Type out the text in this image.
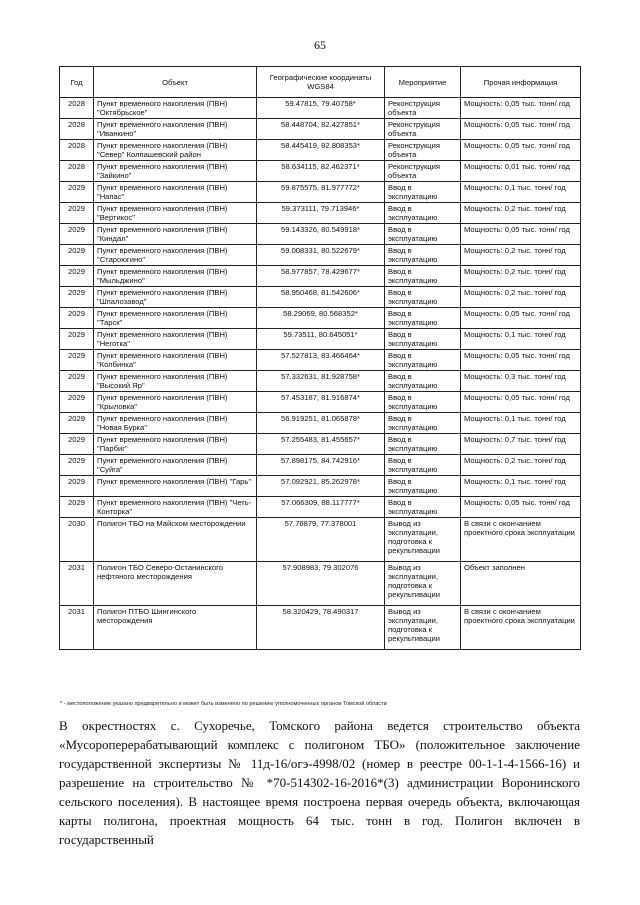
65
Год	Объект	Географические координаты WGS84	Мероприятие	Прочая информация
2028	Пункт временного накопления (ПВН) "Октябрьское"	59.47815, 79.40758*	Реконструкция объекта	Мощность: 0,05 тыс. тонн/ год
2028	Пункт временного накопления (ПВН) "Иванкино"	58.448704, 82.427851*	Реконструкция объекта	Мощность: 0,05 тыс. тонн/ год
2028	Пункт временного накопления (ПВН) "Север" Колпашевский район	58.445419, 82.808353*	Реконструкция объекта	Мощность: 0,05 тыс. тонн/ год
2028	Пункт временного накопления (ПВН) "Зайкино"	58.634115, 82.462371*	Реконструкция объекта	Мощность: 0,01 тыс. тонн/ год
2029	Пункт временного накопления (ПВН) "Напас"	59.875575, 81.977772*	Ввод в эксплуатацию	Мощность: 0,1 тыс. тонн/ год
2029	Пункт временного накопления (ПВН) "Вертикос"	59.373111, 79.713946*	Ввод в эксплуатацию	Мощность: 0,2 тыс. тонн/ год
2029	Пункт временного накопления (ПВН) "Киндал"	59.143326, 80.549918*	Ввод в эксплуатацию	Мощность: 0,05 тыс. тонн/ год
2029	Пункт временного накопления (ПВН) "Староюгино"	59.008331, 80.522679*	Ввод в эксплуатацию	Мощность: 0,2 тыс. тонн/ год
2029	Пункт временного накопления (ПВН) "Мыльджино"	58.977857, 78.429677*	Ввод в эксплуатацию	Мощность: 0,2 тыс. тонн/ год
2029	Пункт временного накопления (ПВН) "Шпалозавод"	58.950468, 81.542606*	Ввод в эксплуатацию	Мощность: 0,2 тыс. тонн/ год
2029	Пункт временного накопления (ПВН) "Тарск"	58.29069, 80.568352*	Ввод в эксплуатацию	Мощность: 0,05 тыс. тонн/ год
2029	Пункт временного накопления (ПВН) "Неготка"	59.73511, 80.645051*	Ввод в эксплуатацию	Мощность: 0,1 тыс. тонн/ год
2029	Пункт временного накопления (ПВН) "Колбинка"	57.527813, 83.466464*	Ввод в эксплуатацию	Мощность: 0,05 тыс. тонн/ год
2029	Пункт временного накопления (ПВН) "Высокий Яр"	57.332631, 81.928758*	Ввод в эксплуатацию	Мощность: 0,3 тыс. тонн/ год
2029	Пункт временного накопления (ПВН) "Крыловка"	57.453187, 81.916874*	Ввод в эксплуатацию	Мощность: 0,05 тыс. тонн/ год
2029	Пункт временного накопления (ПВН) "Новая Бурка"	56.919251, 81.065878*	Ввод в эксплуатацию	Мощность: 0,1 тыс. тонн/ год
2029	Пункт временного накопления (ПВН) "Парбиг"	57.255483, 81.455657*	Ввод в эксплуатацию	Мощность: 0,7 тыс. тонн/ год
2029	Пункт временного накопления (ПВН) "Суйга"	57.898175, 84.742916*	Ввод в эксплуатацию	Мощность: 0,2 тыс. тонн/ год
2029	Пункт временного накопления (ПВН) "Гарь"	57.092921, 85.262978*	Ввод в эксплуатацию	Мощность: 0,1 тыс. тонн/ год
2029	Пункт временного накопления (ПВН) "Четь-Конторка"	57.066309, 88.117777*	Ввод в эксплуатацию	Мощность: 0,05 тыс. тонн/ год
2030	Полигон ТБО на Майском месторождении	57.76879, 77.378001	Вывод из эксплуатации, подготовка к рекультивации	В связи с окончанием проектного срока эксплуатации
2031	Полигон ТБО Северо-Останинского нефтяного месторождения	57.908983, 79.302076	Вывод из эксплуатации, подготовка к рекультивации	Объект заполнен
2031	Полигон ПТБО Шингинского месторождения	58.320429, 78.490317	Вывод из эксплуатации, подготовка к рекультивации	В связи с окончанием проектного срока эксплуатации
* - местоположение указано предварительно и может быть изменено по решению уполномоченных органов Томской области
В окрестностях с. Сухоречье, Томского района ведется строительство объекта «Мусороперерабатывающий комплекс с полигоном ТБО» (положительное заключение государственной экспертизы № 11д-16/огэ-4998/02 (номер в реестре 00-1-1-4-1566-16) и разрешение на строительство № *70-514302-16-2016*(3) администрации Воронинского сельского поселения). В настоящее время построена первая очередь объекта, включающая карты полигона, проектная мощность 64 тыс. тонн в год. Полигон включен в государственный
